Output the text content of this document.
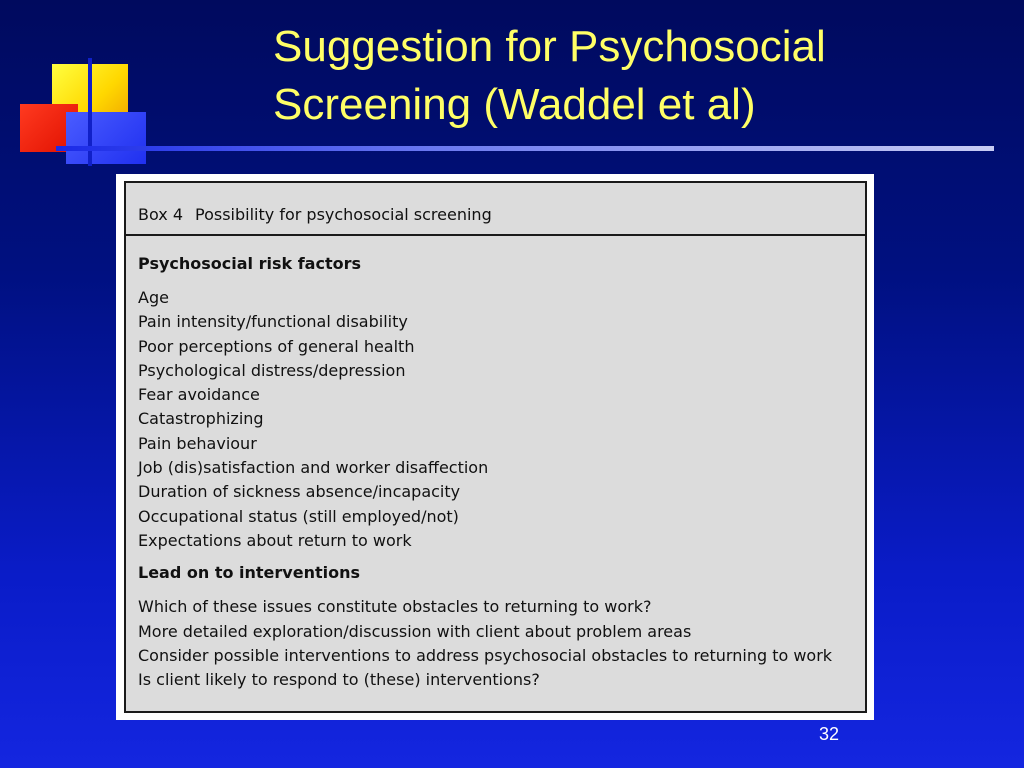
Suggestion for Psychosocial
Screening (Waddel et al)
Box 4 Possibility for psychosocial screening
Psychosocial risk factors
Age
Pain intensity/functional disability
Poor perceptions of general health
Psychological distress/depression
Fear avoidance
Catastrophizing
Pain behaviour
Job (dis)satisfaction and worker disaffection
Duration of sickness absence/incapacity
Occupational status (still employed/not)
Expectations about return to work
Lead on to interventions
Which of these issues constitute obstacles to returning to work?
More detailed exploration/discussion with client about problem areas
Consider possible interventions to address psychosocial obstacles to returning to work
Is client likely to respond to (these) interventions?
32
